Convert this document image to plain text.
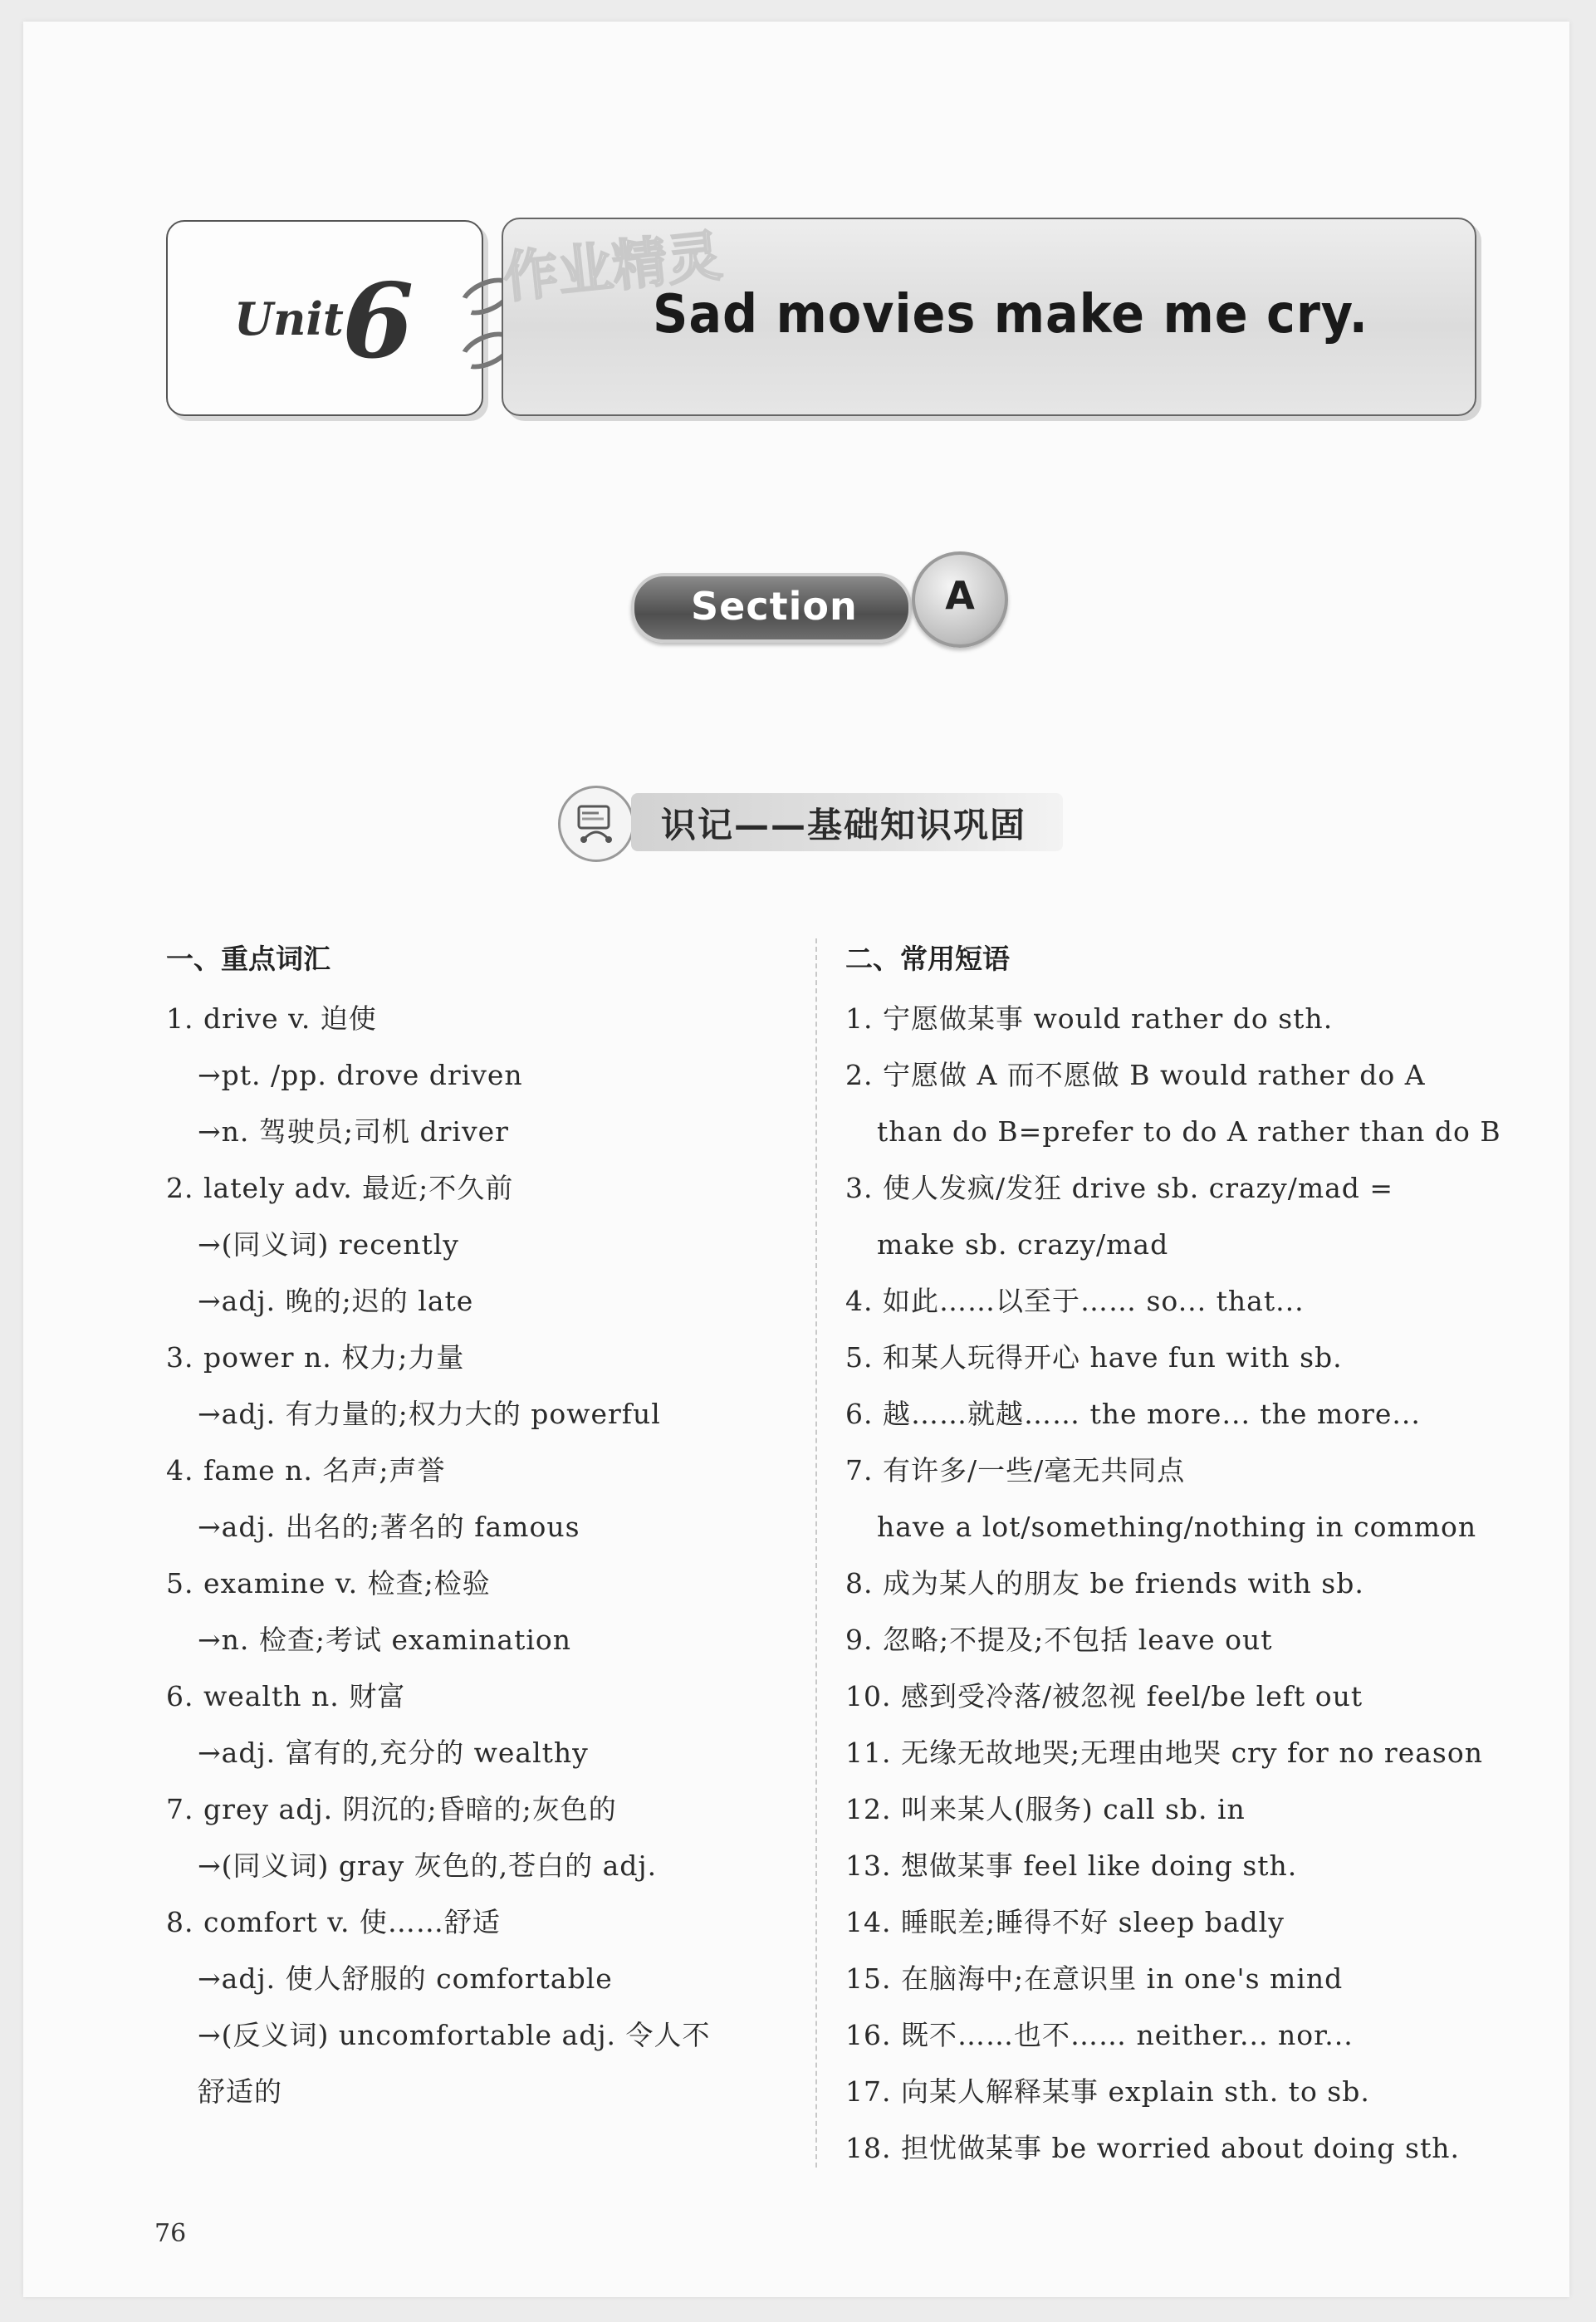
Unit
6	Sad movies make me cry.
作业精灵
Section	A
识记——基础知识巩固
一、重点词汇
1. drive v. 迫使
→pt. /pp. drove driven
→n. 驾驶员;司机 driver
2. lately adv. 最近;不久前
→(同义词) recently
→adj. 晚的;迟的 late
3. power n. 权力;力量
→adj. 有力量的;权力大的 powerful
4. fame n. 名声;声誉
→adj. 出名的;著名的 famous
5. examine v. 检查;检验
→n. 检查;考试 examination
6. wealth n. 财富
→adj. 富有的,充分的 wealthy
7. grey adj. 阴沉的;昏暗的;灰色的
→(同义词) gray 灰色的,苍白的 adj.
8. comfort v. 使……舒适
→adj. 使人舒服的 comfortable
→(反义词) uncomfortable adj. 令人不
舒适的
二、常用短语
1. 宁愿做某事 would rather do sth.
2. 宁愿做 A 而不愿做 B would rather do A
than do B=prefer to do A rather than do B
3. 使人发疯/发狂 drive sb. crazy/mad =
make sb. crazy/mad
4. 如此……以至于…… so... that...
5. 和某人玩得开心 have fun with sb.
6. 越……就越…… the more... the more...
7. 有许多/一些/毫无共同点
have a lot/something/nothing in common
8. 成为某人的朋友 be friends with sb.
9. 忽略;不提及;不包括 leave out
10. 感到受冷落/被忽视 feel/be left out
11. 无缘无故地哭;无理由地哭 cry for no reason
12. 叫来某人(服务) call sb. in
13. 想做某事 feel like doing sth.
14. 睡眠差;睡得不好 sleep badly
15. 在脑海中;在意识里 in one's mind
16. 既不……也不…… neither... nor...
17. 向某人解释某事 explain sth. to sb.
18. 担忧做某事 be worried about doing sth.
76
